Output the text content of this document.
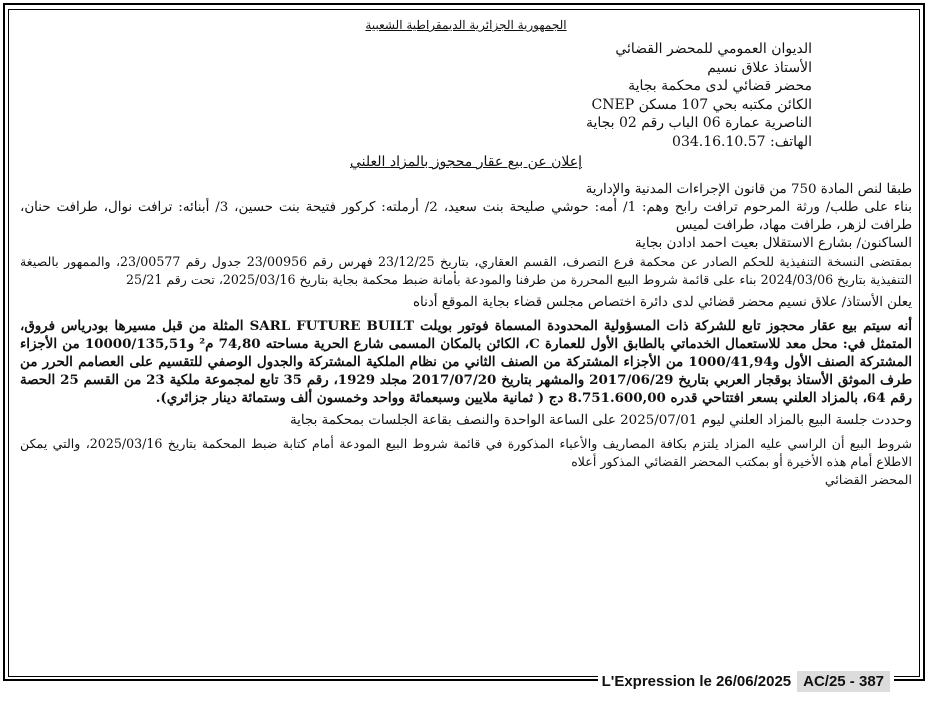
الجمهورية الجزائرية الديمقراطية الشعبية
الديوان العمومي للمحضر القضائي
الأستاذ علاق نسيم
محضر قضائي لدى محكمة بجاية
الكائن مكتبه بحي 107 مسكن CNEP
الناصرية عمارة 06 الباب رقم 02 بجاية
الهاتف: 034.16.10.57
إعلان عن بيع عقار محجوز بالمزاد العلني

طبقا لنص المادة 750 من قانون الإجراءات المدنية والإدارية

بناء على طلب/ ورثة المرحوم ترافت رابح وهم: 1/ أمه: حوشي صليحة بنت سعيد، 2/ أرملته: كركور فتيحة بنت حسين، 3/ أبنائه: ترافت نوال، طرافت حنان، طرافت لزهر، طرافت مهاد، طرافت لميس

الساكنون/ بشارع الاستقلال بعيت احمد ادادن بجاية

بمقتضى النسخة التنفيذية للحكم الصادر عن محكمة فرع التصرف، القسم العقاري، بتاريخ 23/12/25 فهرس رقم 23/00956 جدول رقم 23/00577، والممهور بالصيغة التنفيذية بتاريخ 2024/03/06 بناء على قائمة شروط البيع المحررة من طرفنا والمودعة بأمانة ضبط محكمة بجاية بتاريخ 2025/03/16، تحت رقم 25/21

يعلن الأستاذ/ علاق نسيم محضر قضائي لدى دائرة اختصاص مجلس قضاء بجاية الموقع أدناه

أنه سيتم بيع عقار محجوز تابع للشركة ذات المسؤولية المحدودة المسماة فوتور بويلت SARL FUTURE BUILT المثلة من قبل مسيرها بودرياس فروق، المتمثل في: محل معد للاستعمال الخدماتي بالطابق الأول للعمارة C، الكائن بالمكان المسمى شارع الحرية مساحته 74,80 م² و10000/135,51 من الأجزاء المشتركة الصنف الأول و1000/41,94 من الأجزاء المشتركة من الصنف الثاني من نظام الملكية المشتركة والجدول الوصفي للتقسيم على العصامم الحرر من طرف الموثق الأستاذ بوقجار العربي بتاريخ 2017/06/29 والمشهر بتاريخ 2017/07/20 مجلد 1929، رقم 35 تابع لمجموعة ملكية 23 من القسم 25 الحصة رقم 64، بالمزاد العلني بسعر افتتاحي قدره 8.751.600,00 دج ( ثمانية ملايين وسبعمائة وواحد وخمسون ألف وستمائة دينار جزائري).

وحددت جلسة البيع بالمزاد العلني ليوم 2025/07/01 على الساعة الواحدة والنصف بقاعة الجلسات بمحكمة بجاية

شروط البيع أن الراسي عليه المزاد يلتزم بكافة المصاريف والأعباء المذكورة في قائمة شروط البيع المودعة أمام كتابة ضبط المحكمة بتاريخ 2025/03/16، والتي يمكن الاطلاع أمام هذه الأخيرة أو بمكتب المحضر القضائي المذكور أعلاه

المحضر القضائي

L'Expression le 26/06/2025 AC/25 - 387
